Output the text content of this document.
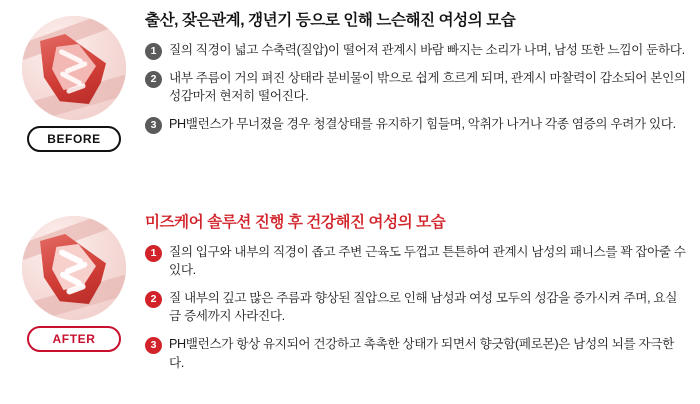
BEFORE
출산, 잦은관계, 갱년기 등으로 인해 느슨해진 여성의 모습
1 질의 직경이 넓고 수축력(질압)이 떨어져 관계시 바람 빠지는 소리가 나며, 남성 또한 느낌이 둔하다.
2 내부 주름이 거의 펴진 상태라 분비물이 밖으로 쉽게 흐르게 되며, 관계시 마찰력이 감소되어 본인의 성감마저 현저히 떨어진다.
3 PH밸런스가 무너졌을 경우 청결상태를 유지하기 힘들며, 악취가 나거나 각종 염증의 우려가 있다.
AFTER
미즈케어 솔루션 진행 후 건강해진 여성의 모습
1 질의 입구와 내부의 직경이 좁고 주변 근육도 두껍고 튼튼하여 관계시 남성의 패니스를 꽉 잡아줄 수 있다.
2 질 내부의 깊고 많은 주름과 향상된 질압으로 인해 남성과 여성 모두의 성감을 증가시켜 주며, 요실금 증세까지 사라진다.
3 PH밸런스가 항상 유지되어 건강하고 촉촉한 상태가 되면서 향긋함(페로몬)은 남성의 뇌를 자극한다.
